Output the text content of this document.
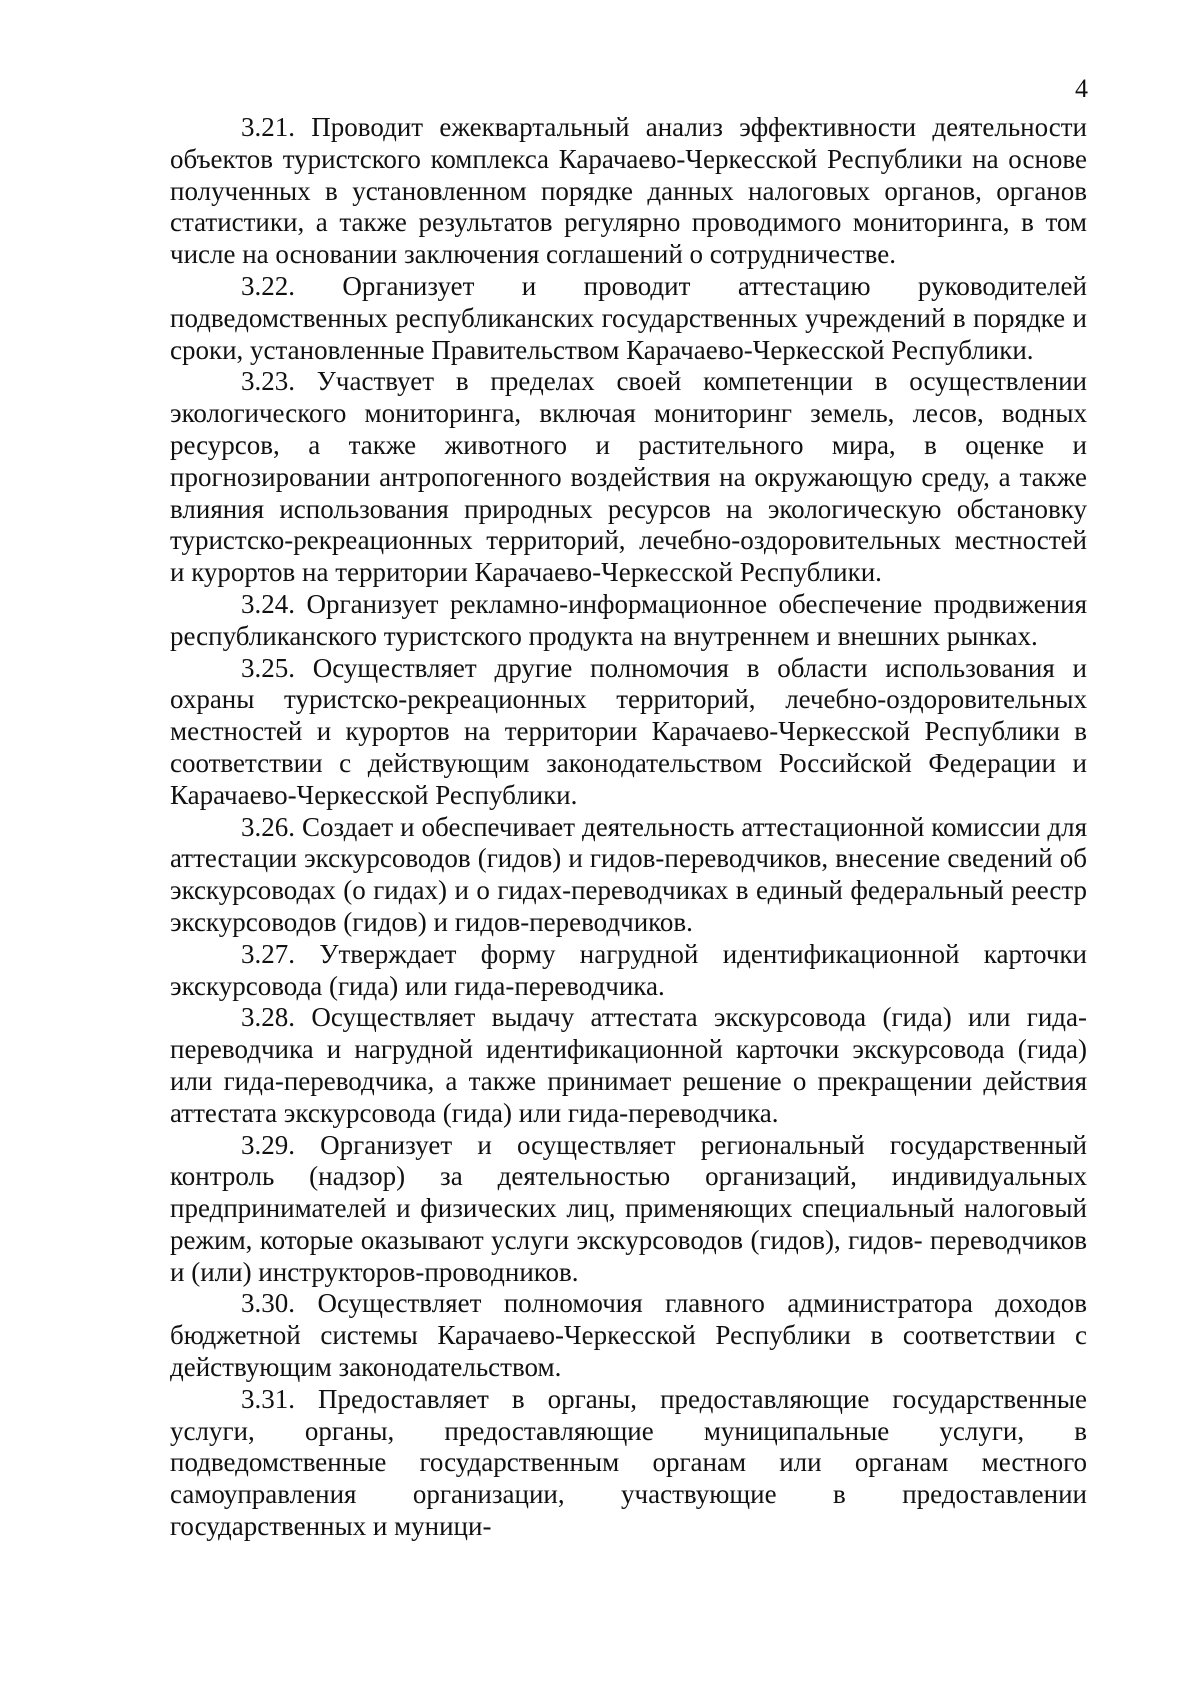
4

3.21. Проводит ежеквартальный анализ эффективности деятельности объектов туристского комплекса Карачаево-Черкесской Республики на основе полученных в установленном порядке данных налоговых органов, органов статистики, а также результатов регулярно проводимого мониторинга, в том числе на основании заключения соглашений о сотрудничестве.

3.22. Организует и проводит аттестацию руководителей подведомственных республиканских государственных учреждений в порядке и сроки, установленные Правительством Карачаево-Черкесской Республики.

3.23. Участвует в пределах своей компетенции в осуществлении экологического мониторинга, включая мониторинг земель, лесов, водных ресурсов, а также животного и растительного мира, в оценке и прогнозировании антропогенного воздействия на окружающую среду, а также влияния использования природных ресурсов на экологическую обстановку туристско-рекреационных территорий, лечебно-оздоровительных местностей и курортов на территории Карачаево-Черкесской Республики.

3.24. Организует рекламно-информационное обеспечение продвижения республиканского туристского продукта на внутреннем и внешних рынках.

3.25. Осуществляет другие полномочия в области использования и охраны туристско-рекреационных территорий, лечебно-оздоровительных местностей и курортов на территории Карачаево-Черкесской Республики в соответствии с действующим законодательством Российской Федерации и Карачаево-Черкесской Республики.

3.26. Создает и обеспечивает деятельность аттестационной комиссии для аттестации экскурсоводов (гидов) и гидов-переводчиков, внесение сведений об экскурсоводах (о гидах) и о гидах-переводчиках в единый федеральный реестр экскурсоводов (гидов) и гидов-переводчиков.

3.27. Утверждает форму нагрудной идентификационной карточки экскурсовода (гида) или гида-переводчика.

3.28. Осуществляет выдачу аттестата экскурсовода (гида) или гида-переводчика и нагрудной идентификационной карточки экскурсовода (гида) или гида-переводчика, а также принимает решение о прекращении действия аттестата экскурсовода (гида) или гида-переводчика.

3.29. Организует и осуществляет региональный государственный контроль (надзор) за деятельностью организаций, индивидуальных предпринимателей и физических лиц, применяющих специальный налоговый режим, которые оказывают услуги экскурсоводов (гидов), гидов- переводчиков и (или) инструкторов-проводников.

3.30. Осуществляет полномочия главного администратора доходов бюджетной системы Карачаево-Черкесской Республики в соответствии с действующим законодательством.

3.31. Предоставляет в органы, предоставляющие государственные услуги, органы, предоставляющие муниципальные услуги, в подведомственные государственным органам или органам местного самоуправления организации, участвующие в предоставлении государственных и муници-
